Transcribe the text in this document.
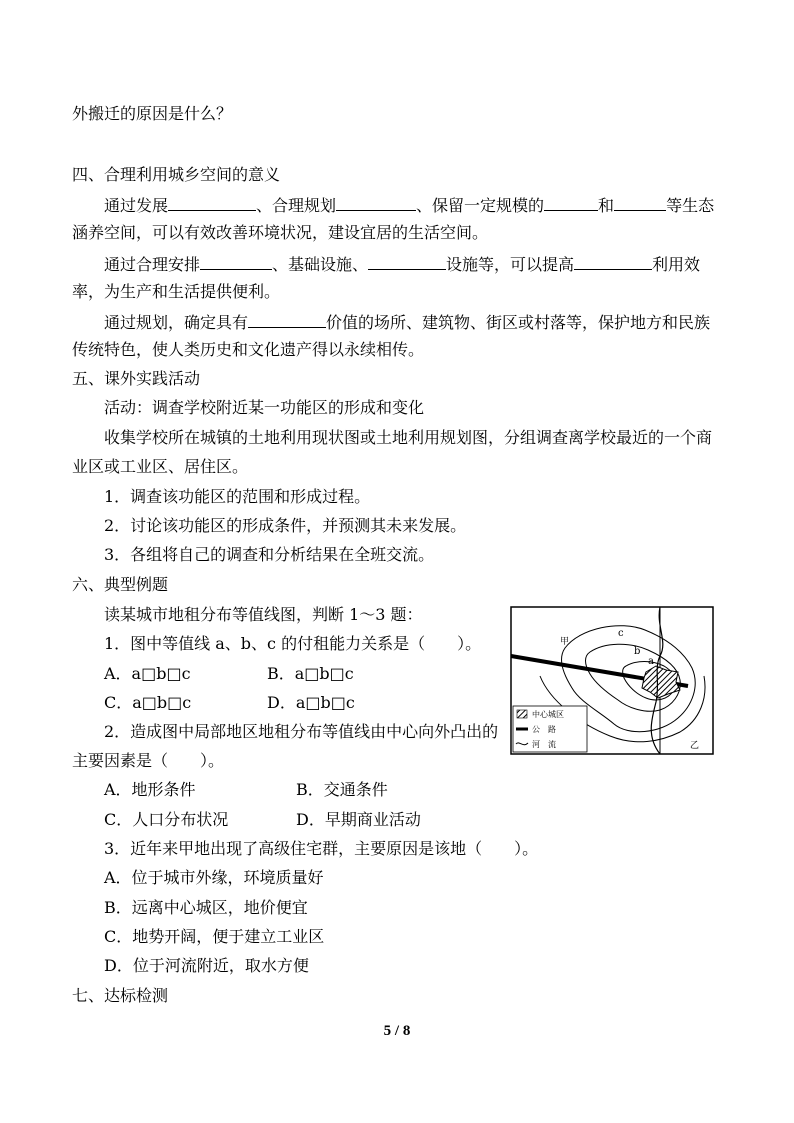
外搬迁的原因是什么？
四、合理利用城乡空间的意义
通过发展	、合理规划	、保留一定规模的	和	等生态
涵养空间，可以有效改善环境状况，建设宜居的生活空间。
通过合理安排	、基础设施、	设施等，可以提高	利用效
率，为生产和生活提供便利。
通过规划，确定具有	价值的场所、建筑物、街区或村落等，保护地方和民族
传统特色，使人类历史和文化遗产得以永续相传。
五、课外实践活动
活动：调查学校附近某一功能区的形成和变化
收集学校所在城镇的土地利用现状图或土地利用规划图，分组调查离学校最近的一个商
业区或工业区、居住区。
1．调查该功能区的范围和形成过程。
2．讨论该功能区的形成条件，并预测其未来发展。
3．各组将自己的调查和分析结果在全班交流。
六、典型例题
读某城市地租分布等值线图，判断 1～3 题：
1．图中等值线 a、b、c 的付租能力关系是（　　）。
A．a□b□c	B．a□b□c
C．a□b□c	D．a□b□c
2．造成图中局部地区地租分布等值线由中心向外凸出的
主要因素是（　　）。
A．地形条件	B．交通条件
C．人口分布状况	D．早期商业活动
3．近年来甲地出现了高级住宅群，主要原因是该地（　　）。
A．位于城市外缘，环境质量好
B．远离中心城区，地价便宜
C．地势开阔，便于建立工业区
D．位于河流附近，取水方便
七、达标检测
甲
c
b
a
乙
中心城区
公　路
河　流
5 / 8
